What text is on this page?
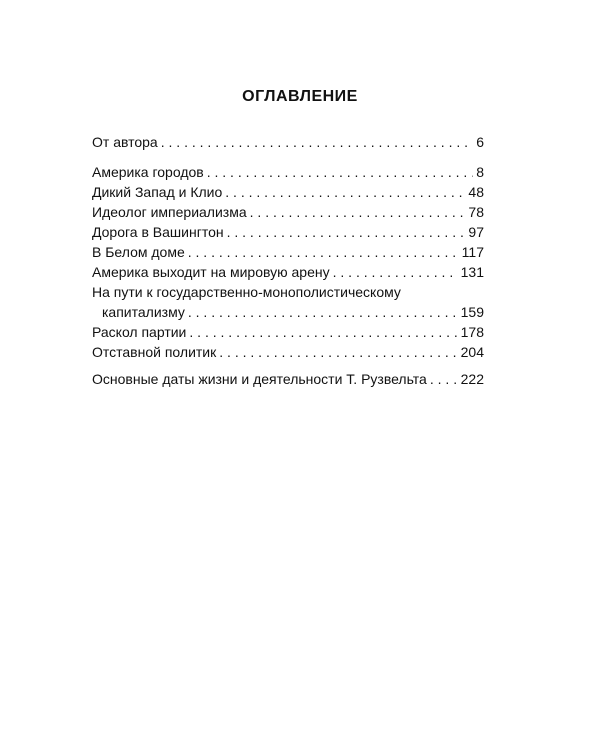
ОГЛАВЛЕНИЕ
От автора . . .	6
Америка городов . . .	8
Дикий Запад и Клио . . .	48
Идеолог империализма . . .	78
Дорога в Вашингтон . . .	97
В Белом доме . . .	117
Америка выходит на мировую арену . . .	131
На пути к государственно-монополистическому
капитализму . . .	159
Раскол партии . . .	178
Отставной политик . . .	204
Основные даты жизни и деятельности Т. Рузвельта . . . 222
